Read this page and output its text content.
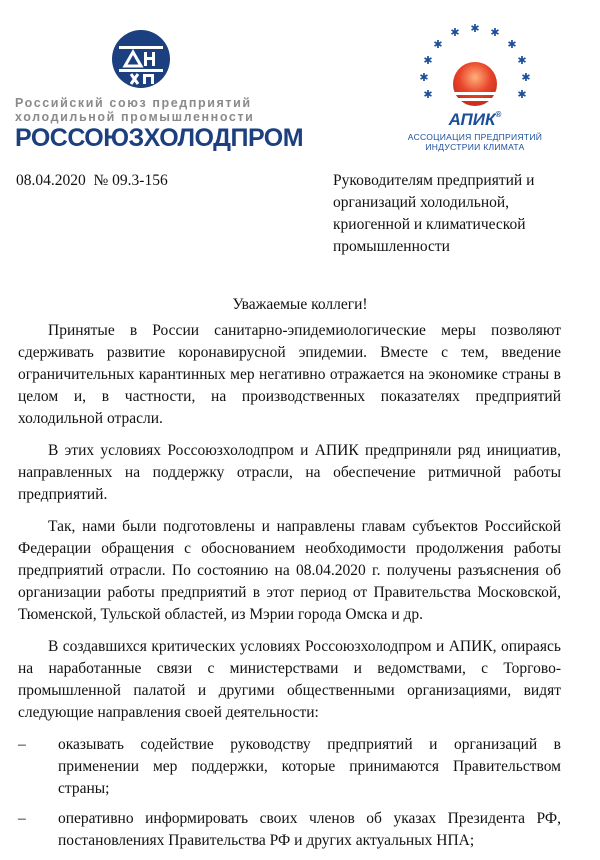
Российский союз предприятий
холодильной промышленности
РОССОЮЗХОЛОДПРОМ
✱
✱	✱
✱	✱
✱	✱
✱	✱
✱	✱
АПИК®
АССОЦИАЦИЯ ПРЕДПРИЯТИЙ
ИНДУСТРИИ КЛИМАТА
08.04.2020  № 09.3-156	Руководителям предприятий и организаций холодильной, криогенной и климатической промышленности
Уважаемые коллеги!

Принятые в России санитарно-эпидемиологические меры позволяют сдерживать развитие коронавирусной эпидемии. Вместе с тем, введение ограничительных карантинных мер негативно отражается на экономике страны в целом и, в частности, на производственных показателях предприятий холодильной отрасли.

В этих условиях Россоюзхолодпром и АПИК предприняли ряд инициатив, направленных на поддержку отрасли, на обеспечение ритмичной работы предприятий.

Так, нами были подготовлены и направлены главам субъектов Российской Федерации обращения с обоснованием необходимости продолжения работы предприятий отрасли. По состоянию на 08.04.2020 г. получены разъяснения об организации работы предприятий в этот период от Правительства Московской, Тюменской, Тульской областей, из Мэрии города Омска и др.

В создавшихся критических условиях Россоюзхолодпром и АПИК, опираясь на наработанные связи с министерствами и ведомствами, с Торгово-промышленной палатой и другими общественными организациями, видят следующие направления своей деятельности:

– оказывать содействие руководству предприятий и организаций в применении мер поддержки, которые принимаются Правительством страны;
– оперативно информировать своих членов об указах Президента РФ, постановлениях Правительства РФ и других актуальных НПА;
